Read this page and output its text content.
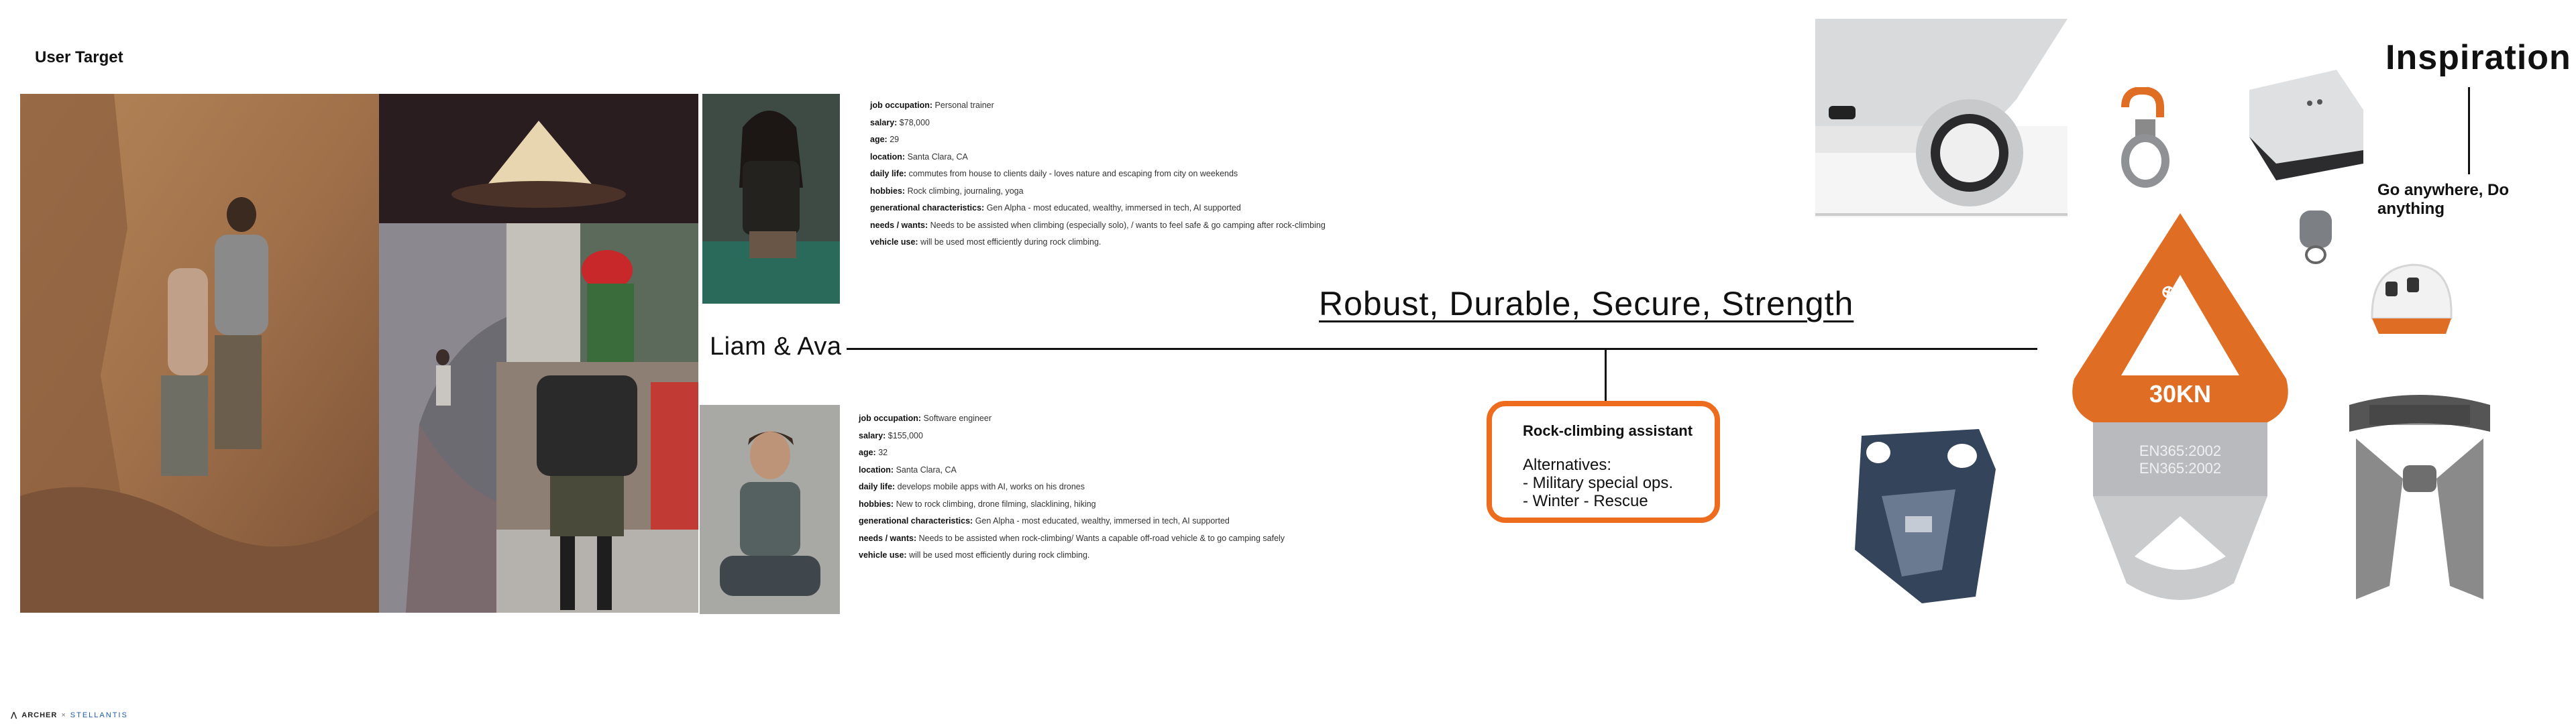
User Target
job occupation: Personal trainer
salary: $78,000
age: 29
location: Santa Clara, CA
daily life: commutes from house to clients daily - loves nature and escaping from city on weekends
hobbies: Rock climbing, journaling, yoga
generational characteristics: Gen Alpha - most educated, wealthy, immersed in tech, AI supported
needs / wants: Needs to be assisted when climbing (especially solo), / wants to feel safe & go camping after rock-climbing
vehicle use: will be used most efficiently during rock climbing.
job occupation: Software engineer
salary: $155,000
age: 32
location: Santa Clara, CA
daily life: develops mobile apps with AI, works on his drones
hobbies: New to rock climbing, drone filming, slacklining, hiking
generational characteristics: Gen Alpha - most educated, wealthy, immersed in tech, AI supported
needs / wants: Needs to be assisted when rock-climbing/ Wants a capable off-road vehicle & to go camping safely
vehicle use: will be used most efficiently during rock climbing.
Liam & Ava
Robust, Durable, Secure, Strength
Rock-climbing assistant
Alternatives:
- Military special ops.
- Winter - Rescue
⊗XINDA
30KN
EN365:2002
EN365:2002
Inspiration
Go anywhere, Do anything
⋀ ARCHER × STELLANTIS
